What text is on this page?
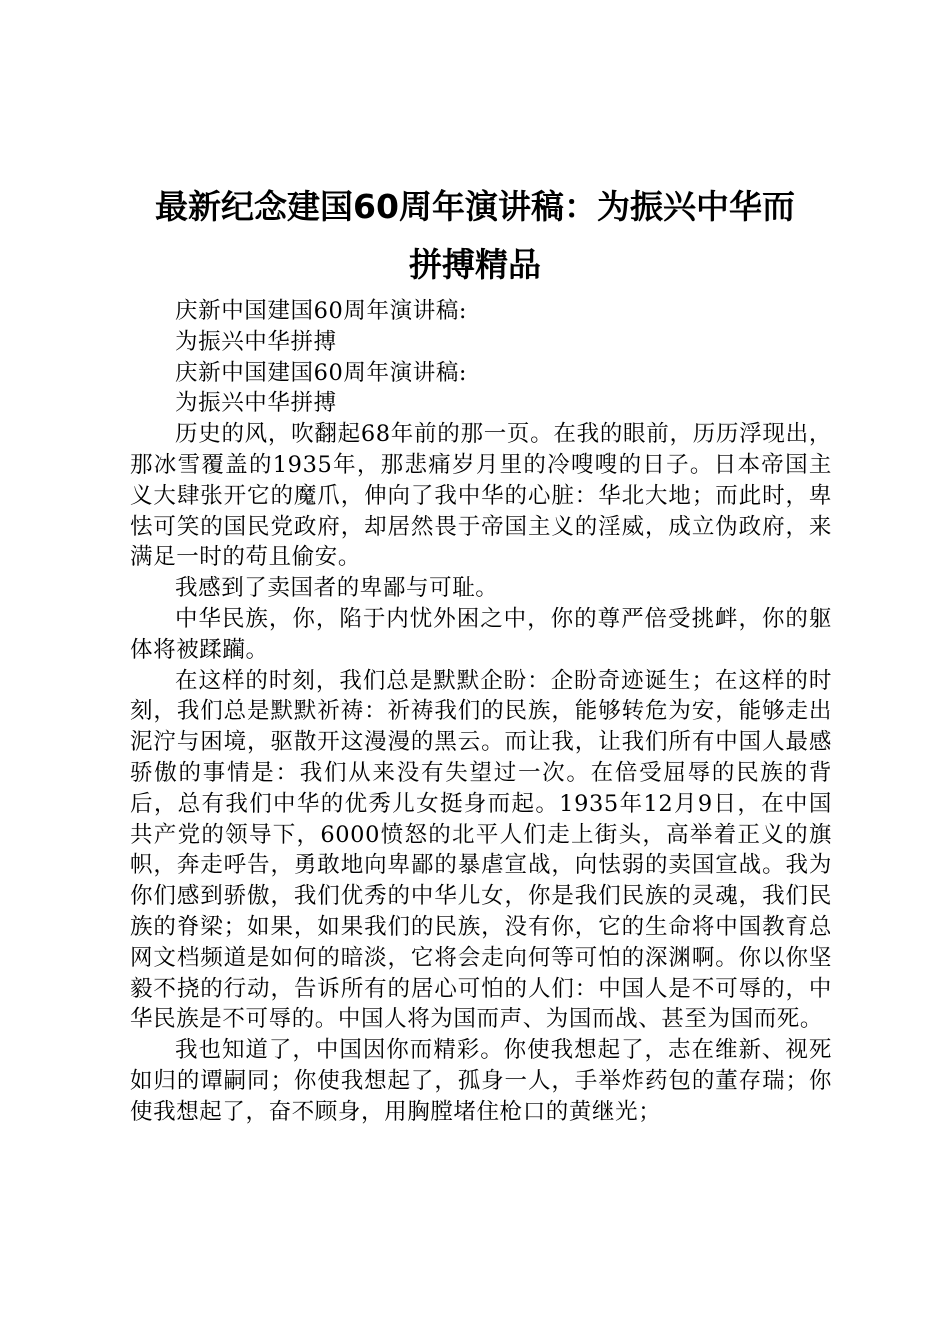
最新纪念建国60周年演讲稿：为振兴中华而
拼搏精品

庆新中国建国60周年演讲稿:

为振兴中华拼搏

庆新中国建国60周年演讲稿:

为振兴中华拼搏

历史的风，吹翻起68年前的那一页。在我的眼前，历历浮现出，那冰雪覆盖的1935年，那悲痛岁月里的冷嗖嗖的日子。日本帝国主义大肆张开它的魔爪，伸向了我中华的心脏：华北大地；而此时，卑怯可笑的国民党政府，却居然畏于帝国主义的淫威，成立伪政府，来满足一时的苟且偷安。

我感到了卖国者的卑鄙与可耻。

中华民族，你，陷于内忧外困之中，你的尊严倍受挑衅，你的躯体将被蹂躏。

在这样的时刻，我们总是默默企盼：企盼奇迹诞生；在这样的时刻，我们总是默默祈祷：祈祷我们的民族，能够转危为安，能够走出泥泞与困境，驱散开这漫漫的黑云。而让我，让我们所有中国人最感骄傲的事情是：我们从来没有失望过一次。在倍受屈辱的民族的背后，总有我们中华的优秀儿女挺身而起。1935年12月9日，在中国共产党的领导下，6000愤怒的北平人们走上街头，高举着正义的旗帜，奔走呼告，勇敢地向卑鄙的暴虐宣战，向怯弱的卖国宣战。我为你们感到骄傲，我们优秀的中华儿女，你是我们民族的灵魂，我们民族的脊梁；如果，如果我们的民族，没有你，它的生命将中国教育总网文档频道是如何的暗淡，它将会走向何等可怕的深渊啊。你以你坚毅不挠的行动，告诉所有的居心可怕的人们：中国人是不可辱的，中华民族是不可辱的。中国人将为国而声、为国而战、甚至为国而死。

我也知道了，中国因你而精彩。你使我想起了，志在维新、视死如归的谭嗣同；你使我想起了，孤身一人，手举炸药包的董存瑞；你使我想起了，奋不顾身，用胸膛堵住枪口的黄继光；
